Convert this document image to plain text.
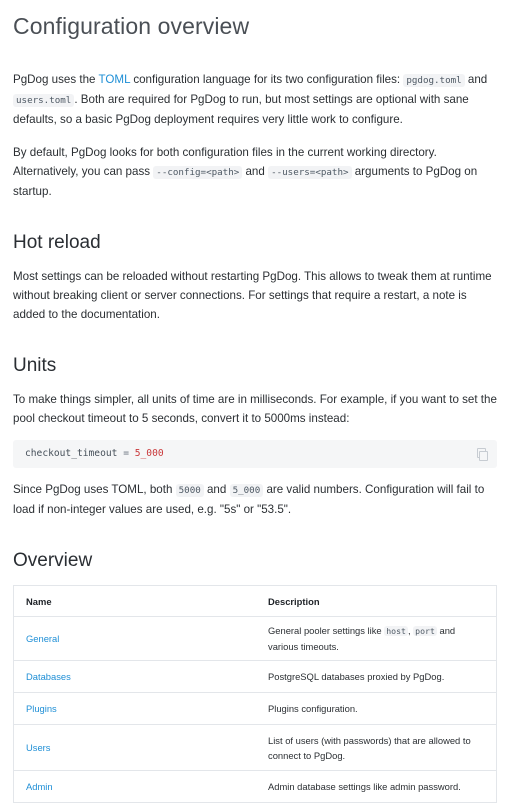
Configuration overview

PgDog uses the TOML configuration language for its two configuration files: pgdog.toml and users.toml . Both are required for PgDog to run, but most settings are optional with sane defaults, so a basic PgDog deployment requires very little work to configure.

By default, PgDog looks for both configuration files in the current working directory. Alternatively, you can pass --config=<path> and --users=<path> arguments to PgDog on startup.

Hot reload

Most settings can be reloaded without restarting PgDog. This allows to tweak them at runtime without breaking client or server connections. For settings that require a restart, a note is added to the documentation.

Units

To make things simpler, all units of time are in milliseconds. For example, if you want to set the pool checkout timeout to 5 seconds, convert it to 5000ms instead:

checkout_timeout = 5_000

Since PgDog uses TOML, both 5000 and 5_000 are valid numbers. Configuration will fail to load if non-integer values are used, e.g. "5s" or "53.5".

Overview
Name	Description
General	General pooler settings like host , port and various timeouts.
Databases	PostgreSQL databases proxied by PgDog.
Plugins	Plugins configuration.
Users	List of users (with passwords) that are allowed to connect to PgDog.
Admin	Admin database settings like admin password.
